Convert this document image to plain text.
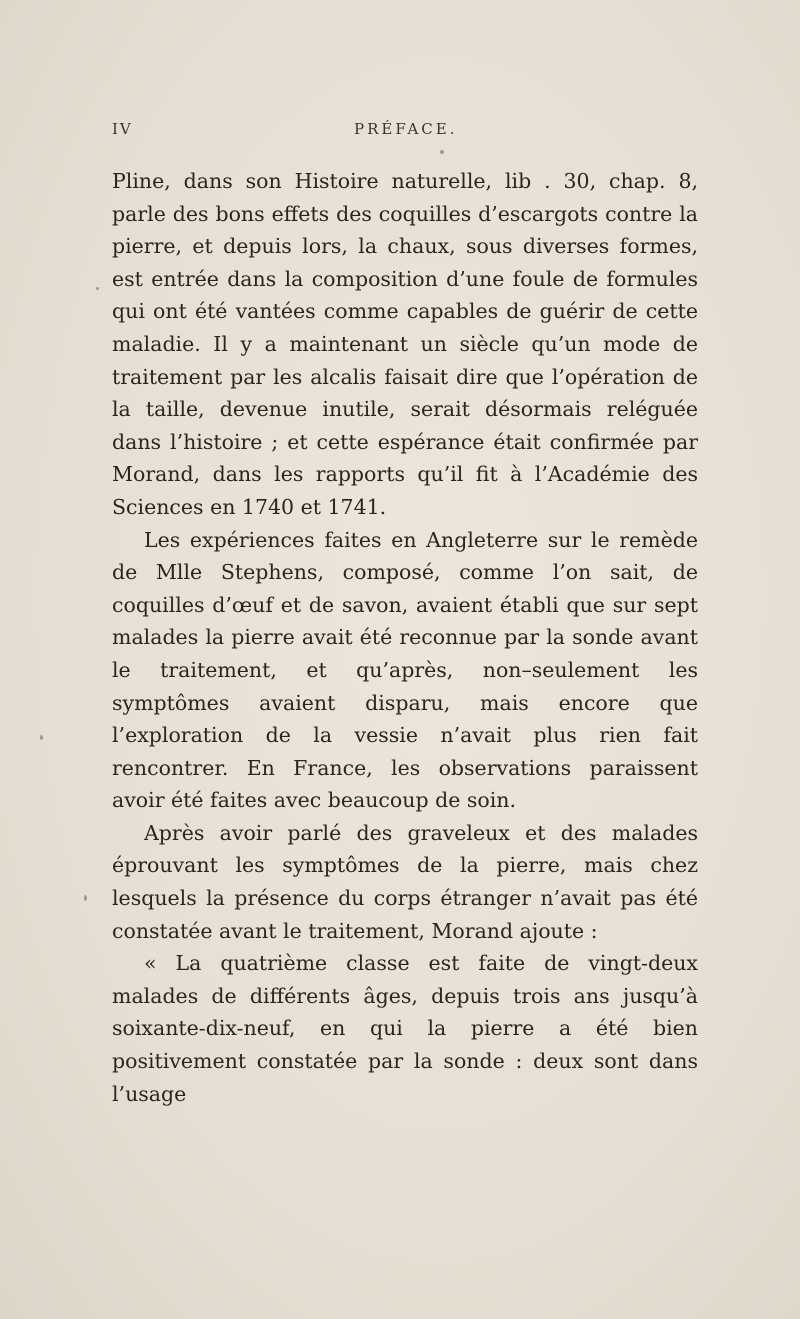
IV	PRÉFACE.

Pline, dans son Histoire naturelle, lib . 30, chap. 8, parle des bons effets des coquilles d’escargots contre la pierre, et depuis lors, la chaux, sous diverses formes, est entrée dans la composition d’une foule de formules qui ont été vantées comme capables de guérir de cette maladie. Il y a maintenant un siècle qu’un mode de traitement par les alcalis faisait dire que l’opération de la taille, devenue inutile, serait désormais reléguée dans l’histoire ; et cette espérance était confirmée par Morand, dans les rapports qu’il fit à l’Académie des Sciences en 1740 et 1741.

Les expériences faites en Angleterre sur le remède de Mlle Stephens, composé, comme l’on sait, de coquilles d’œuf et de savon, avaient établi que sur sept malades la pierre avait été reconnue par la sonde avant le traitement, et qu’après, non–seulement les symptômes avaient disparu, mais encore que l’exploration de la vessie n’avait plus rien fait rencontrer. En France, les observations paraissent avoir été faites avec beaucoup de soin.

Après avoir parlé des graveleux et des malades éprouvant les symptômes de la pierre, mais chez lesquels la présence du corps étranger n’avait pas été constatée avant le traitement, Morand ajoute :

« La quatrième classe est faite de vingt-deux malades de différents âges, depuis trois ans jusqu’à soixante-dix-neuf, en qui la pierre a été bien positivement constatée par la sonde : deux sont dans l’usage
